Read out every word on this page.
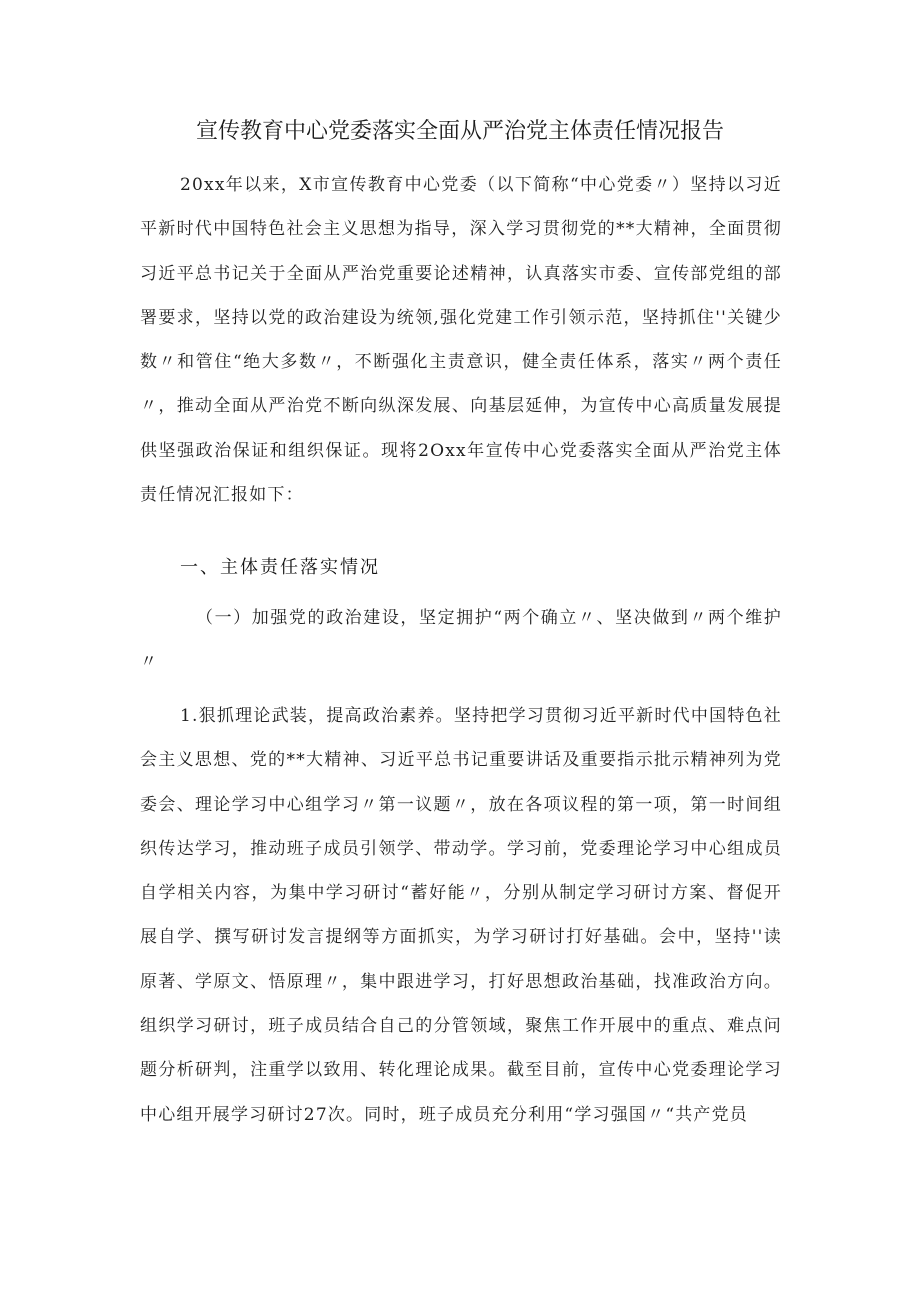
宣传教育中心党委落实全面从严治党主体责任情况报告
20xx年以来，X市宣传教育中心党委（以下简称“中心党委〃）坚持以习近平新时代中国特色社会主义思想为指导，深入学习贯彻党的**大精神，全面贯彻习近平总书记关于全面从严治党重要论述精神，认真落实市委、宣传部党组的部署要求，坚持以党的政治建设为统领,强化党建工作引领示范，坚持抓住''关键少数〃和管住“绝大多数〃，不断强化主责意识，健全责任体系，落实〃两个责任〃，推动全面从严治党不断向纵深发展、向基层延伸，为宣传中心高质量发展提供坚强政治保证和组织保证。现将2Oxx年宣传中心党委落实全面从严治党主体责任情况汇报如下：
一、主体责任落实情况
（一）加强党的政治建设，坚定拥护“两个确立〃、坚决做到〃两个维护〃
1.狠抓理论武装，提高政治素养。坚持把学习贯彻习近平新时代中国特色社会主义思想、党的**大精神、习近平总书记重要讲话及重要指示批示精神列为党委会、理论学习中心组学习〃第一议题〃，放在各项议程的第一项，第一时间组织传达学习，推动班子成员引领学、带动学。学习前，党委理论学习中心组成员自学相关内容，为集中学习研讨“蓄好能〃，分别从制定学习研讨方案、督促开展自学、撰写研讨发言提纲等方面抓实，为学习研讨打好基础。会中，坚持''读原著、学原文、悟原理〃，集中跟进学习，打好思想政治基础，找准政治方向。组织学习研讨，班子成员结合自己的分管领域，聚焦工作开展中的重点、难点问题分析研判，注重学以致用、转化理论成果。截至目前，宣传中心党委理论学习中心组开展学习研讨27次。同时，班子成员充分利用“学习强国〃“共产党员
